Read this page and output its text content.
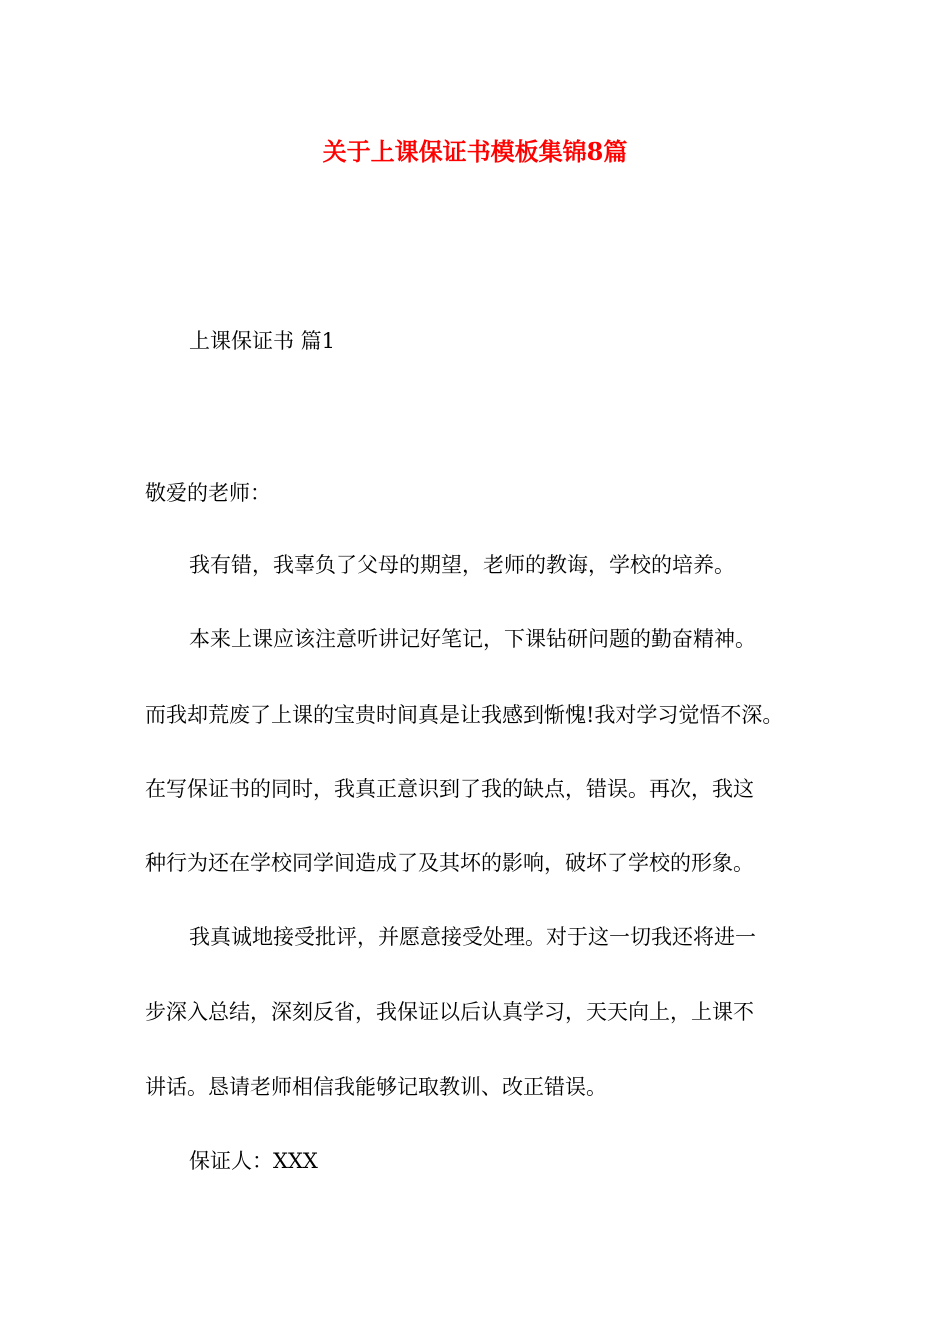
关于上课保证书模板集锦8篇
上课保证书 篇1
敬爱的老师：
我有错，我辜负了父母的期望，老师的教诲，学校的培养。
本来上课应该注意听讲记好笔记，下课钻研问题的勤奋精神。
而我却荒废了上课的宝贵时间真是让我感到惭愧!我对学习觉悟不深。
在写保证书的同时，我真正意识到了我的缺点，错误。再次，我这
种行为还在学校同学间造成了及其坏的影响，破坏了学校的形象。
我真诚地接受批评，并愿意接受处理。对于这一切我还将进一
步深入总结，深刻反省，我保证以后认真学习，天天向上，上课不
讲话。恳请老师相信我能够记取教训、改正错误。
保证人：XXX
